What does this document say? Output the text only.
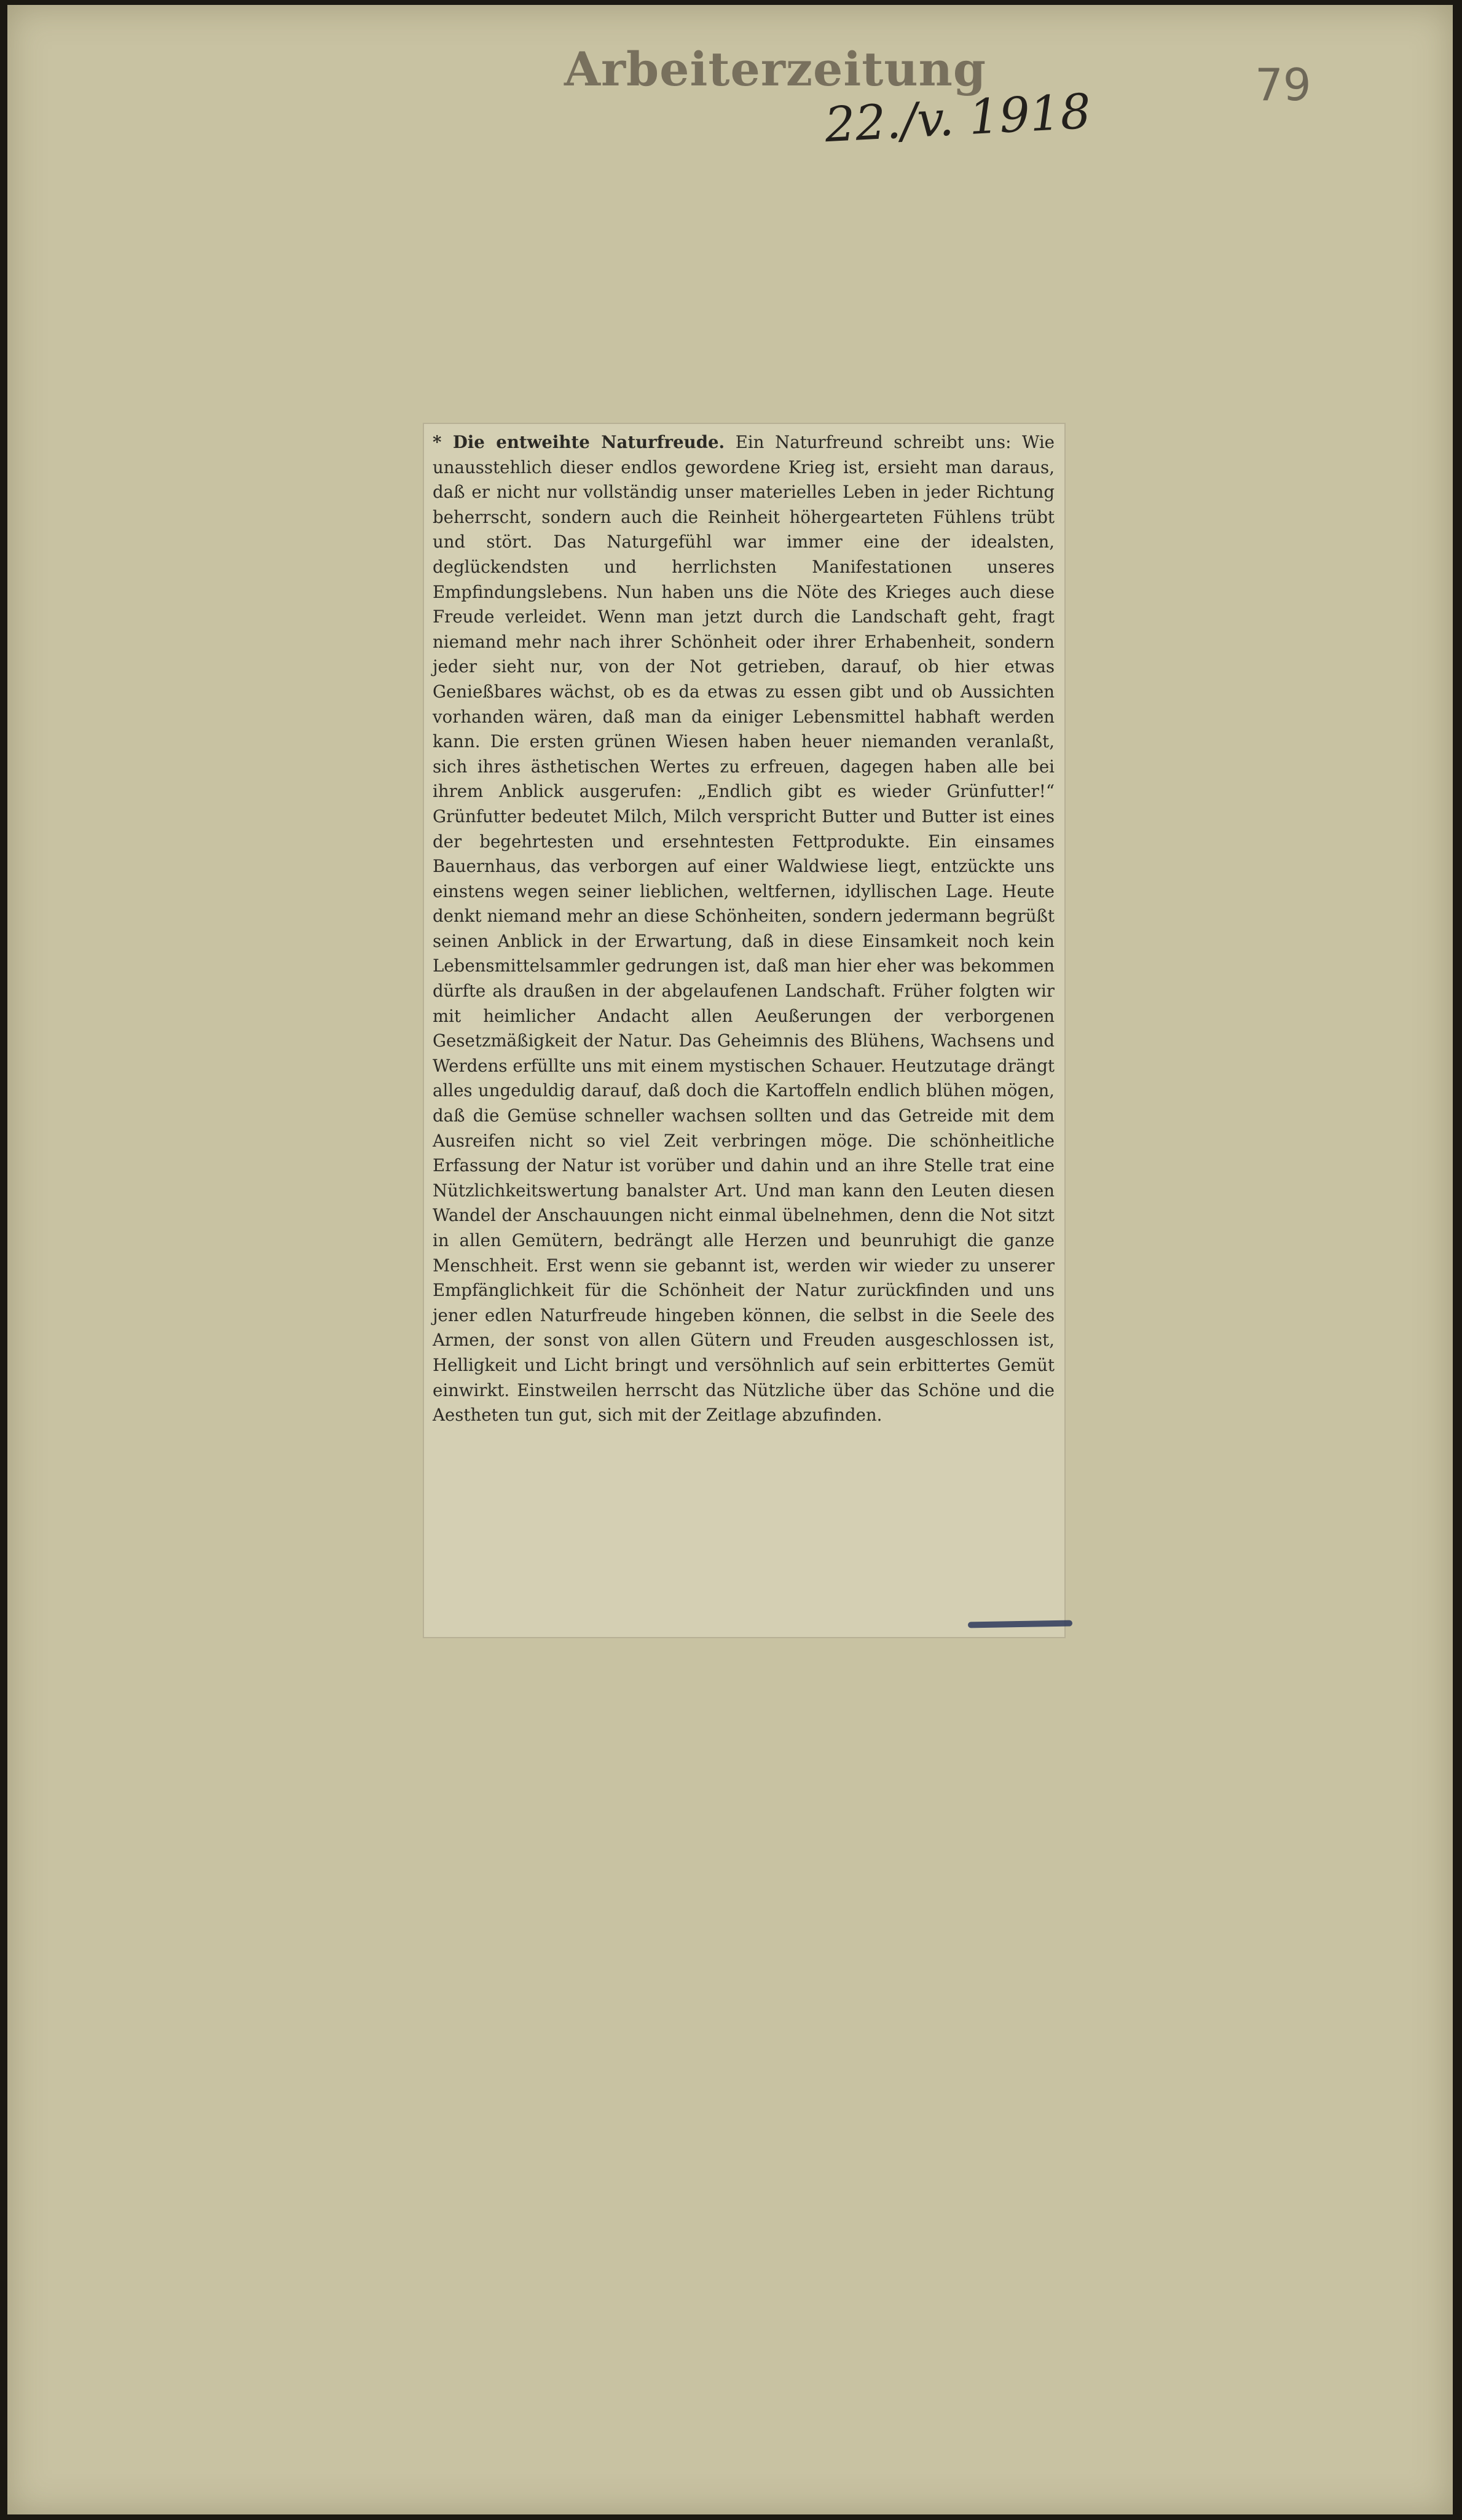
Arbeiterzeitung
22./v. 1918	79

* Die entweihte Naturfreude. Ein Naturfreund schreibt uns: Wie unausstehlich dieser endlos gewordene Krieg ist, ersieht man daraus, daß er nicht nur vollständig unser materielles Leben in jeder Richtung beherrscht, sondern auch die Reinheit höhergearteten Fühlens trübt und stört. Das Naturgefühl war immer eine der idealsten, deglückendsten und herrlichsten Manifestationen unseres Empfindungslebens. Nun haben uns die Nöte des Krieges auch diese Freude verleidet. Wenn man jetzt durch die Landschaft geht, fragt niemand mehr nach ihrer Schönheit oder ihrer Erhabenheit, sondern jeder sieht nur, von der Not getrieben, darauf, ob hier etwas Genießbares wächst, ob es da etwas zu essen gibt und ob Aussichten vorhanden wären, daß man da einiger Lebensmittel habhaft werden kann. Die ersten grünen Wiesen haben heuer niemanden veranlaßt, sich ihres ästhetischen Wertes zu erfreuen, dagegen haben alle bei ihrem Anblick ausgerufen: „Endlich gibt es wieder Grünfutter!“ Grünfutter bedeutet Milch, Milch verspricht Butter und Butter ist eines der begehrtesten und ersehntesten Fettprodukte. Ein einsames Bauernhaus, das verborgen auf einer Waldwiese liegt, entzückte uns einstens wegen seiner lieblichen, weltfernen, idyllischen Lage. Heute denkt niemand mehr an diese Schönheiten, sondern jedermann begrüßt seinen Anblick in der Erwartung, daß in diese Einsamkeit noch kein Lebensmittelsammler gedrungen ist, daß man hier eher was bekommen dürfte als draußen in der abgelaufenen Landschaft. Früher folgten wir mit heimlicher Andacht allen Aeußerungen der verborgenen Gesetzmäßigkeit der Natur. Das Geheimnis des Blühens, Wachsens und Werdens erfüllte uns mit einem mystischen Schauer. Heutzutage drängt alles ungeduldig darauf, daß doch die Kartoffeln endlich blühen mögen, daß die Gemüse schneller wachsen sollten und das Getreide mit dem Ausreifen nicht so viel Zeit verbringen möge. Die schönheitliche Erfassung der Natur ist vorüber und dahin und an ihre Stelle trat eine Nützlichkeitswertung banalster Art. Und man kann den Leuten diesen Wandel der Anschauungen nicht einmal übelnehmen, denn die Not sitzt in allen Gemütern, bedrängt alle Herzen und beunruhigt die ganze Menschheit. Erst wenn sie gebannt ist, werden wir wieder zu unserer Empfänglichkeit für die Schönheit der Natur zurückfinden und uns jener edlen Naturfreude hingeben können, die selbst in die Seele des Armen, der sonst von allen Gütern und Freuden ausgeschlossen ist, Helligkeit und Licht bringt und versöhnlich auf sein erbittertes Gemüt einwirkt. Einstweilen herrscht das Nützliche über das Schöne und die Aestheten tun gut, sich mit der Zeitlage abzufinden.
